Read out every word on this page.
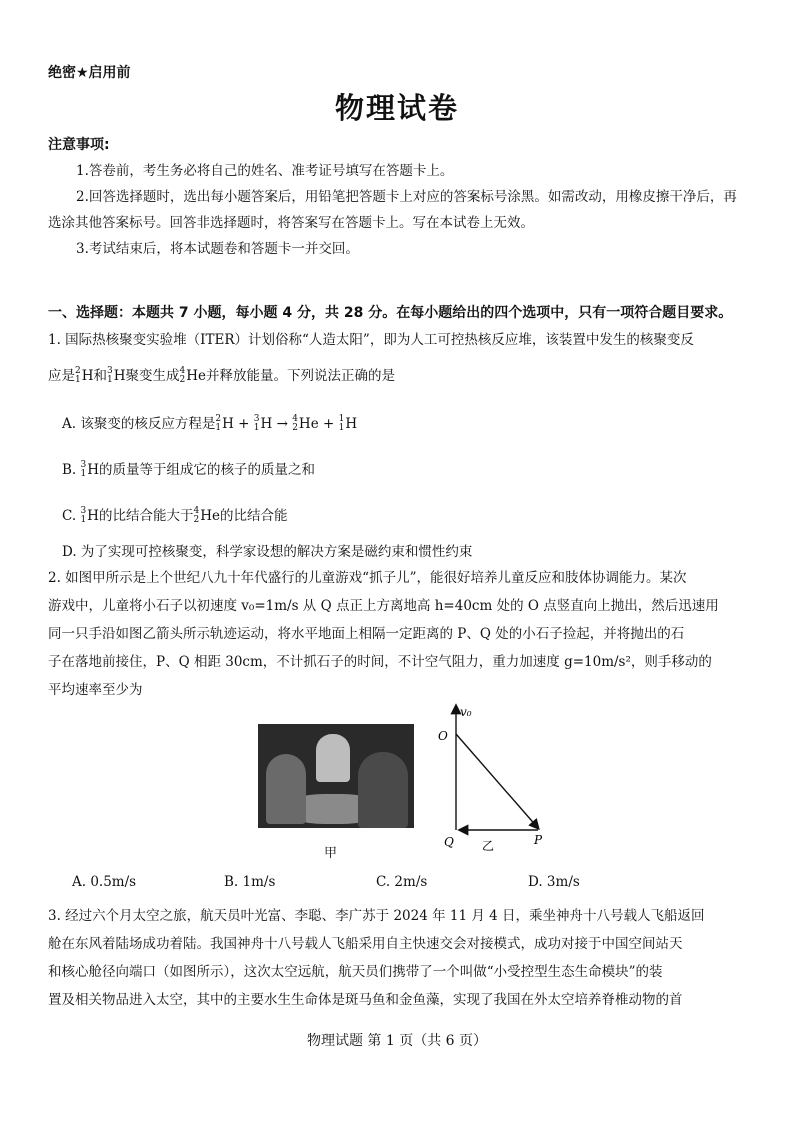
绝密★启用前
物理试卷
注意事项:
1.答卷前，考生务必将自己的姓名、准考证号填写在答题卡上。
2.回答选择题时，选出每小题答案后，用铅笔把答题卡上对应的答案标号涂黑。如需改动，用橡皮擦干净后，再选涂其他答案标号。回答非选择题时，将答案写在答题卡上。写在本试卷上无效。
3.考试结束后，将本试题卷和答题卡一并交回。
一、选择题：本题共 7 小题，每小题 4 分，共 28 分。在每小题给出的四个选项中，只有一项符合题目要求。
1. 国际热核聚变实验堆（ITER）计划俗称“人造太阳”，即为人工可控热核反应堆，该装置中发生的核聚变反
应是 2
1 H和 3
1 H聚变生成 4
2 He并释放能量。下列说法正确的是
A. 该聚变的核反应方程是 2
1 H + 3
1 H → 4
2 He + 1
1 H
B. 3
1 H的质量等于组成它的核子的质量之和
C. 3
1 H的比结合能大于 4
2 He的比结合能
D. 为了实现可控核聚变，科学家设想的解决方案是磁约束和惯性约束
2. 如图甲所示是上个世纪八九十年代盛行的儿童游戏“抓子儿”，能很好培养儿童反应和肢体协调能力。某次
游戏中，儿童将小石子以初速度 v₀=1m/s 从 Q 点正上方离地高 h=40cm 处的 O 点竖直向上抛出，然后迅速用
同一只手沿如图乙箭头所示轨迹运动，将水平地面上相隔一定距离的 P、Q 处的小石子捡起，并将抛出的石
子在落地前接住，P、Q 相距 30cm，不计抓石子的时间，不计空气阻力，重力加速度 g=10m/s²，则手移动的
平均速率至少为
甲
v₀
O
Q	P
乙
A. 0.5m/s	B. 1m/s	C. 2m/s	D. 3m/s
3. 经过六个月太空之旅，航天员叶光富、李聪、李广苏于 2024 年 11 月 4 日，乘坐神舟十八号载人飞船返回
舱在东风着陆场成功着陆。我国神舟十八号载人飞船采用自主快速交会对接模式，成功对接于中国空间站天
和核心舱径向端口（如图所示），这次太空远航，航天员们携带了一个叫做“小受控型生态生命模块”的装
置及相关物品进入太空，其中的主要水生生命体是斑马鱼和金鱼藻，实现了我国在外太空培养脊椎动物的首
物理试题 第 1 页（共 6 页）
